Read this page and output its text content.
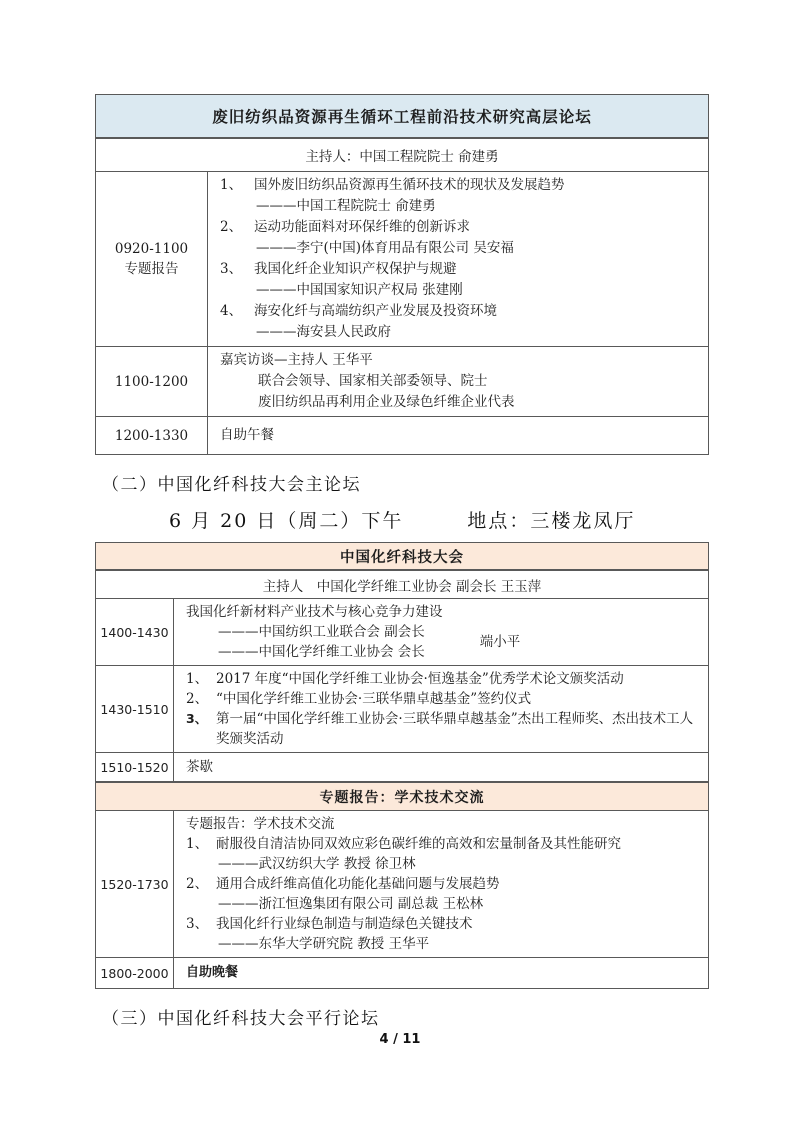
废旧纺织品资源再生循环工程前沿技术研究高层论坛
主持人：中国工程院院士 俞建勇
0920-1100
专题报告
1、 国外废旧纺织品资源再生循环技术的现状及发展趋势
———中国工程院院士 俞建勇
2、 运动功能面料对环保纤维的创新诉求
———李宁(中国)体育用品有限公司 吴安福
3、 我国化纤企业知识产权保护与规避
———中国国家知识产权局 张建刚
4、 海安化纤与高端纺织产业发展及投资环境
———海安县人民政府
1100-1200
嘉宾访谈—主持人 王华平
联合会领导、国家相关部委领导、院士
废旧纺织品再利用企业及绿色纤维企业代表
1200-1330 自助午餐
（二）中国化纤科技大会主论坛
6 月 20 日（周二）下午	地点：三楼龙凤厅
中国化纤科技大会
主持人　中国化学纤维工业协会 副会长 王玉萍
1400-1430
我国化纤新材料产业技术与核心竞争力建设
———中国纺织工业联合会 副会长
———中国化学纤维工业协会 会长
端小平
1430-1510
1、 2017 年度“中国化学纤维工业协会·恒逸基金”优秀学术论文颁奖活动
2、 “中国化学纤维工业协会·三联华鼎卓越基金”签约仪式
3、 第一届“中国化学纤维工业协会·三联华鼎卓越基金”杰出工程师奖、杰出技术工人奖颁奖活动
1510-1520 茶歇
专题报告：学术技术交流
1520-1730
专题报告：学术技术交流
1、 耐服役自清洁协同双效应彩色碳纤维的高效和宏量制备及其性能研究
———武汉纺织大学 教授 徐卫林
2、 通用合成纤维高值化功能化基础问题与发展趋势
———浙江恒逸集团有限公司 副总裁 王松林
3、 我国化纤行业绿色制造与制造绿色关键技术
———东华大学研究院 教授 王华平
1800-2000 自助晚餐
（三）中国化纤科技大会平行论坛
4 / 11
